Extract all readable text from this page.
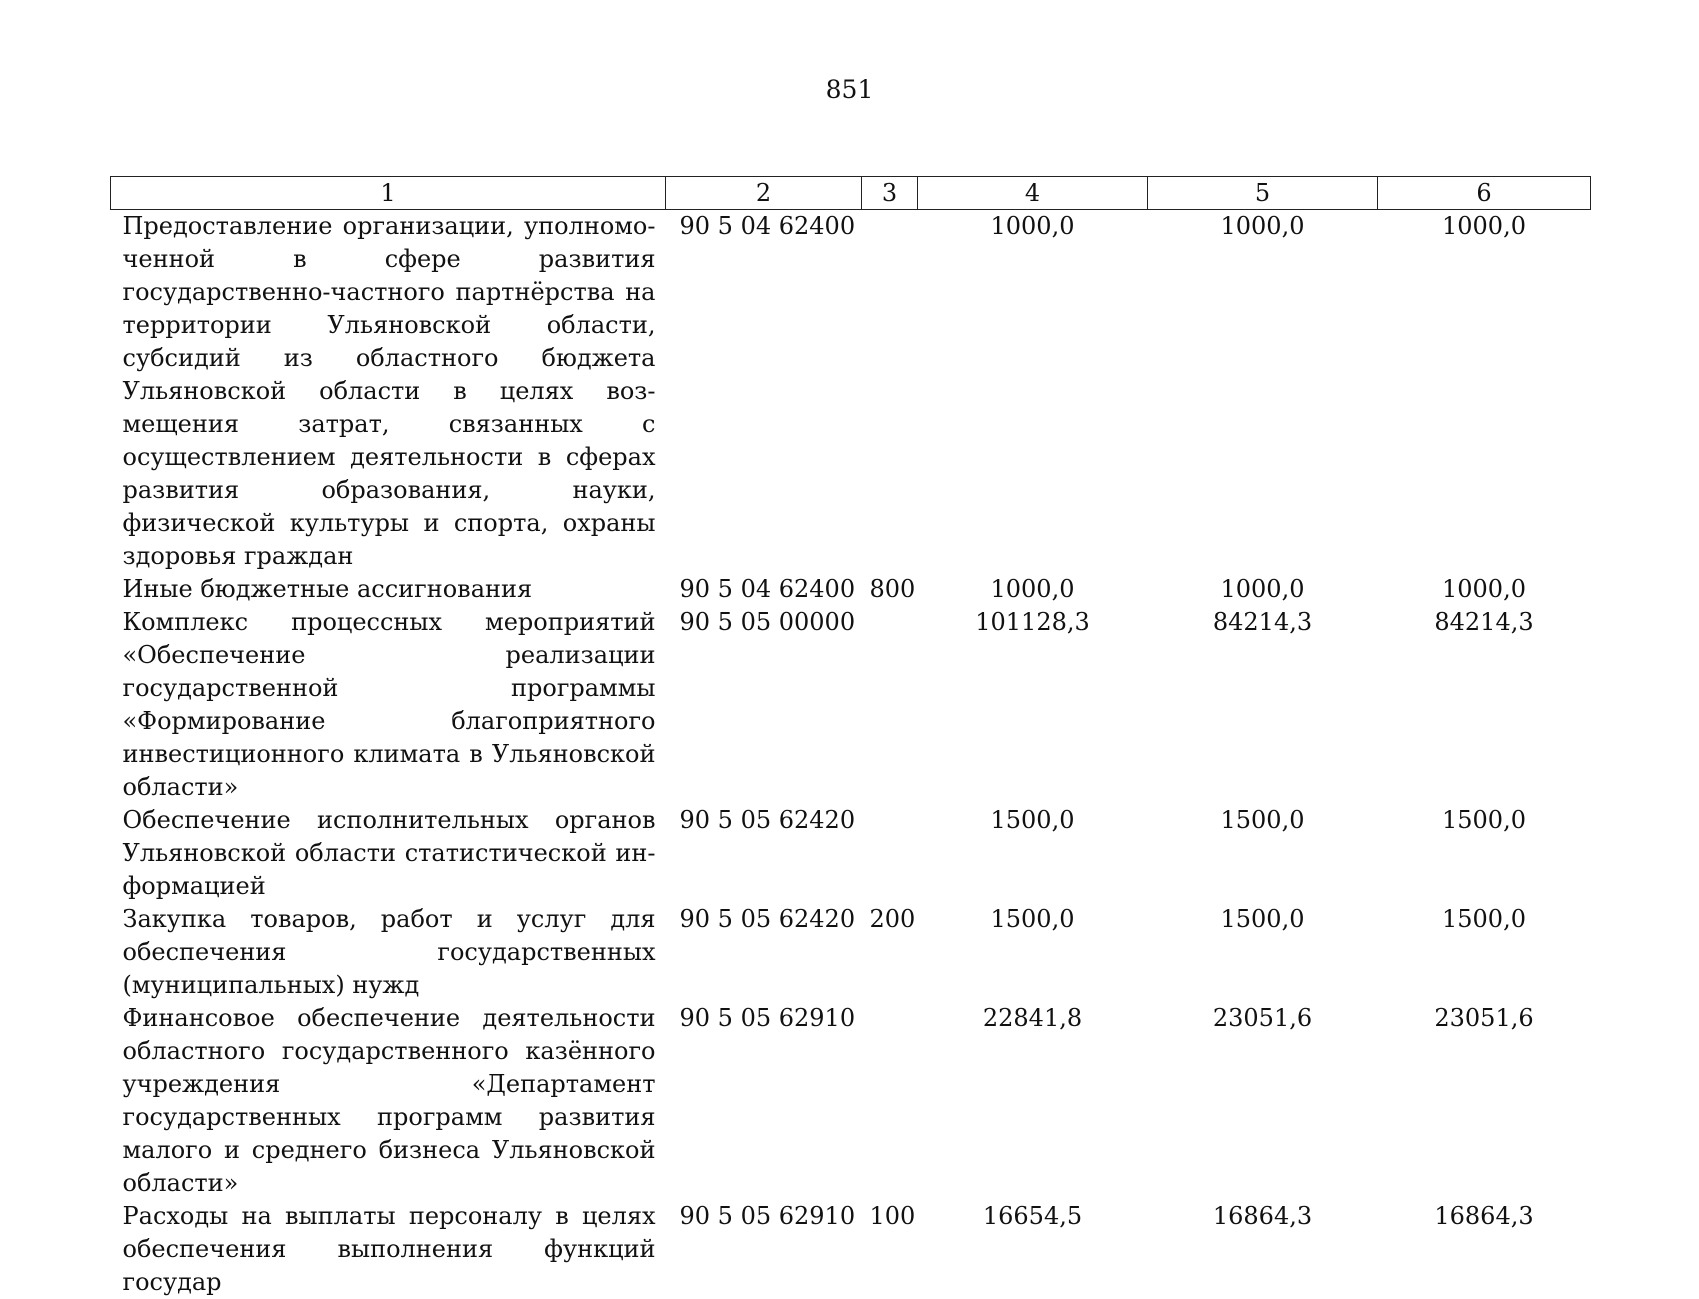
851
1	2	3	4	5	6
Предоставление организации, уполномоченной в сфере развития государственно-частного партнёрства на территории Ульяновской области, субсидий из областного бюджета Ульяновской области в целях возмещения затрат, связанных с осуществлением деятельности в сферах развития образования, науки, физической культуры и спорта, охраны здоровья граждан	90 5 04 62400		1000,0	1000,0	1000,0
Иные бюджетные ассигнования	90 5 04 62400	800	1000,0	1000,0	1000,0
Комплекс процессных мероприятий «Обеспечение реализации государственной программы «Формирование благоприятного инвестиционного климата в Ульяновской области»	90 5 05 00000		101128,3	84214,3	84214,3
Обеспечение исполнительных органов Ульяновской области статистической информацией	90 5 05 62420		1500,0	1500,0	1500,0
Закупка товаров, работ и услуг для обеспечения государственных (муниципальных) нужд	90 5 05 62420	200	1500,0	1500,0	1500,0
Финансовое обеспечение деятельности областного государственного казённого учреждения «Департамент государственных программ развития малого и среднего бизнеса Ульяновской области»	90 5 05 62910		22841,8	23051,6	23051,6
Расходы на выплаты персоналу в целях обеспечения выполнения функций государ	90 5 05 62910	100	16654,5	16864,3	16864,3
